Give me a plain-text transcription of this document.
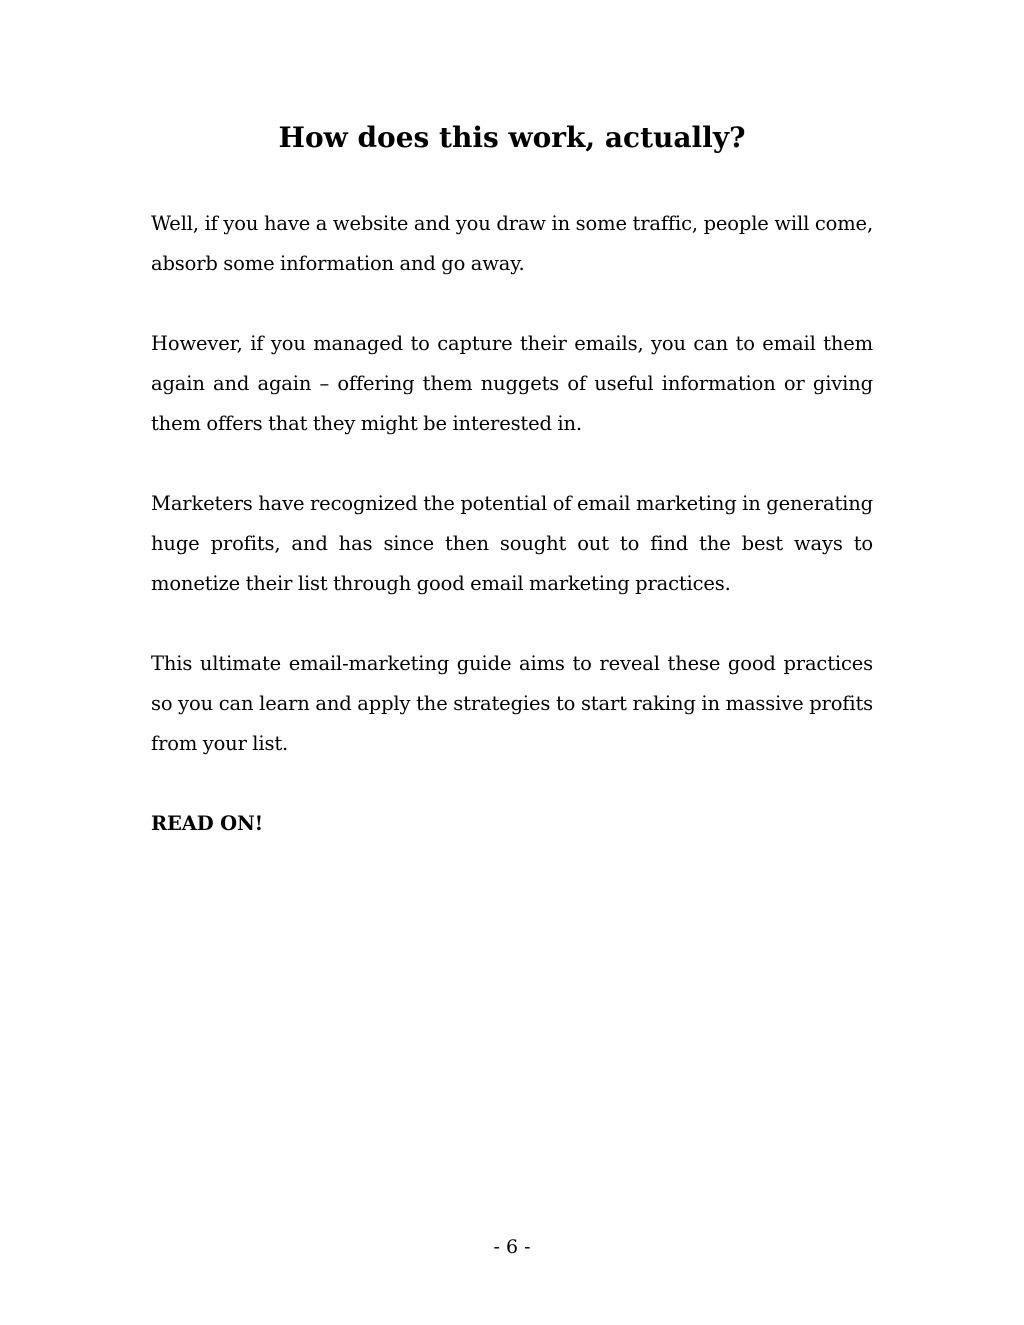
How does this work, actually?

Well, if you have a website and you draw in some traffic, people will come, absorb some information and go away.

However, if you managed to capture their emails, you can to email them again and again – offering them nuggets of useful information or giving them offers that they might be interested in.

Marketers have recognized the potential of email marketing in generating huge profits, and has since then sought out to find the best ways to monetize their list through good email marketing practices.

This ultimate email-marketing guide aims to reveal these good practices so you can learn and apply the strategies to start raking in massive profits from your list.

READ ON!

- 6 -
